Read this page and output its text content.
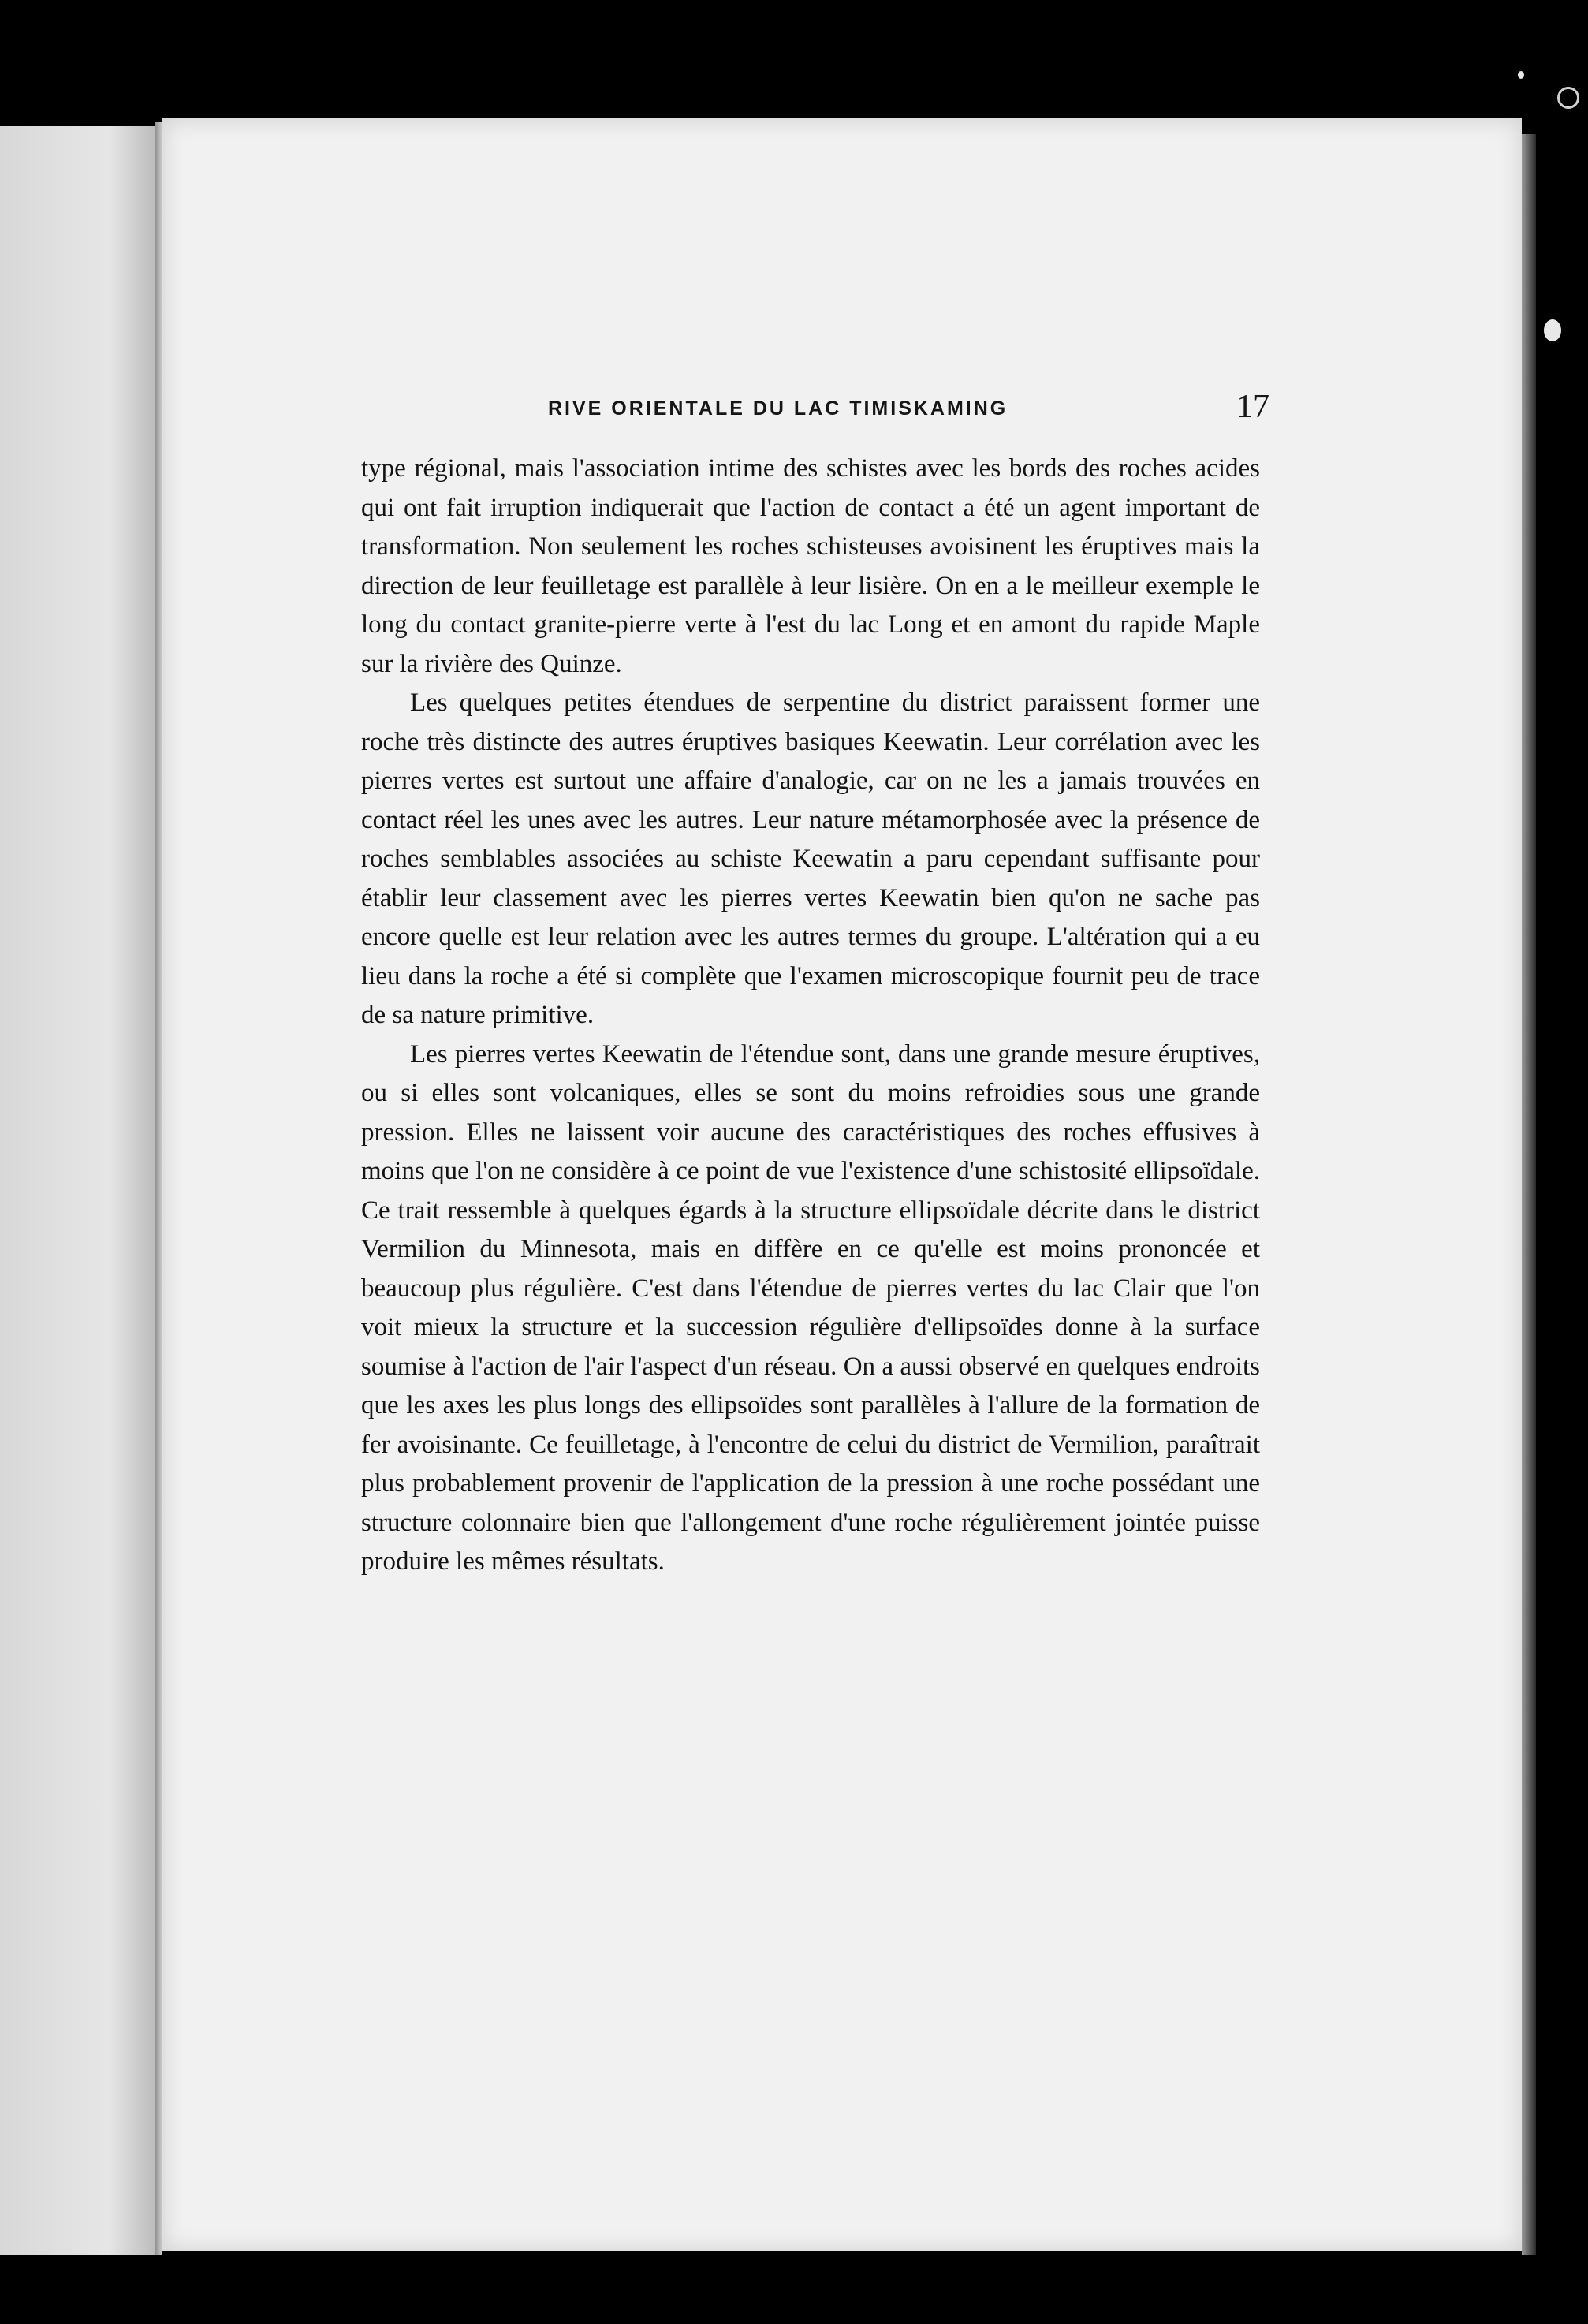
RIVE ORIENTALE DU LAC TIMISKAMING	17

type régional, mais l'association intime des schistes avec les bords des roches acides qui ont fait irruption indiquerait que l'action de contact a été un agent important de transformation. Non seulement les roches schisteuses avoisinent les éruptives mais la direction de leur feuilletage est parallèle à leur lisière. On en a le meilleur exemple le long du contact granite-pierre verte à l'est du lac Long et en amont du rapide Maple sur la rivière des Quinze.

Les quelques petites étendues de serpentine du district paraissent former une roche très distincte des autres éruptives basiques Keewatin. Leur corrélation avec les pierres vertes est surtout une affaire d'analogie, car on ne les a jamais trouvées en contact réel les unes avec les autres. Leur nature métamorphosée avec la présence de roches semblables associées au schiste Keewatin a paru cependant suffisante pour établir leur classement avec les pierres vertes Keewatin bien qu'on ne sache pas encore quelle est leur relation avec les autres termes du groupe. L'altération qui a eu lieu dans la roche a été si complète que l'examen microscopique fournit peu de trace de sa nature primitive.

Les pierres vertes Keewatin de l'étendue sont, dans une grande mesure éruptives, ou si elles sont volcaniques, elles se sont du moins refroidies sous une grande pression. Elles ne laissent voir aucune des caractéristiques des roches effusives à moins que l'on ne considère à ce point de vue l'existence d'une schistosité ellipsoïdale. Ce trait ressemble à quelques égards à la structure ellipsoïdale décrite dans le district Vermilion du Minnesota, mais en diffère en ce qu'elle est moins prononcée et beaucoup plus régulière. C'est dans l'étendue de pierres vertes du lac Clair que l'on voit mieux la structure et la succession régulière d'ellipsoïdes donne à la surface soumise à l'action de l'air l'aspect d'un réseau. On a aussi observé en quelques endroits que les axes les plus longs des ellipsoïdes sont parallèles à l'allure de la formation de fer avoisinante. Ce feuilletage, à l'encontre de celui du district de Vermilion, paraîtrait plus probablement provenir de l'application de la pression à une roche possédant une structure colonnaire bien que l'allongement d'une roche régulièrement jointée puisse produire les mêmes résultats.
